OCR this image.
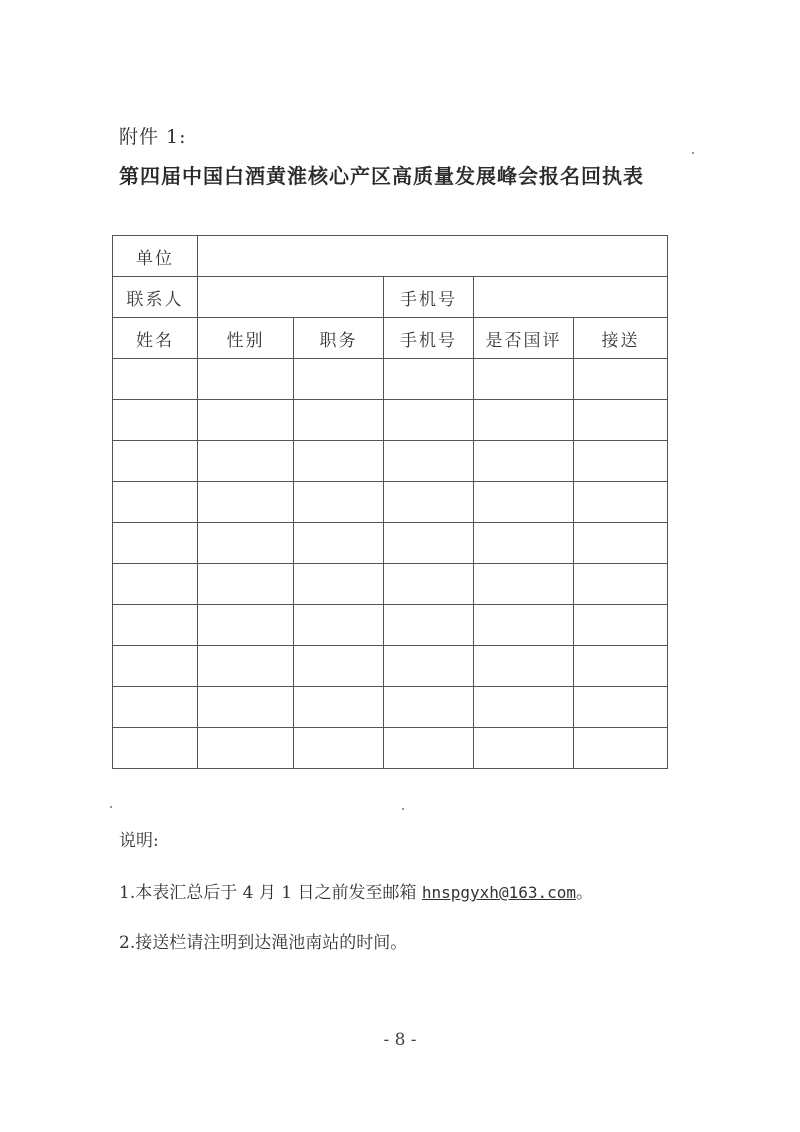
附件 1:
第四届中国白酒黄淮核心产区高质量发展峰会报名回执表
单位					
联系人			手机号		
姓名	性别	职务	手机号	是否国评	接送

说明:
1.本表汇总后于 4 月 1 日之前发至邮箱 hnspgyxh@163.com。
2.接送栏请注明到达渑池南站的时间。
- 8 -
